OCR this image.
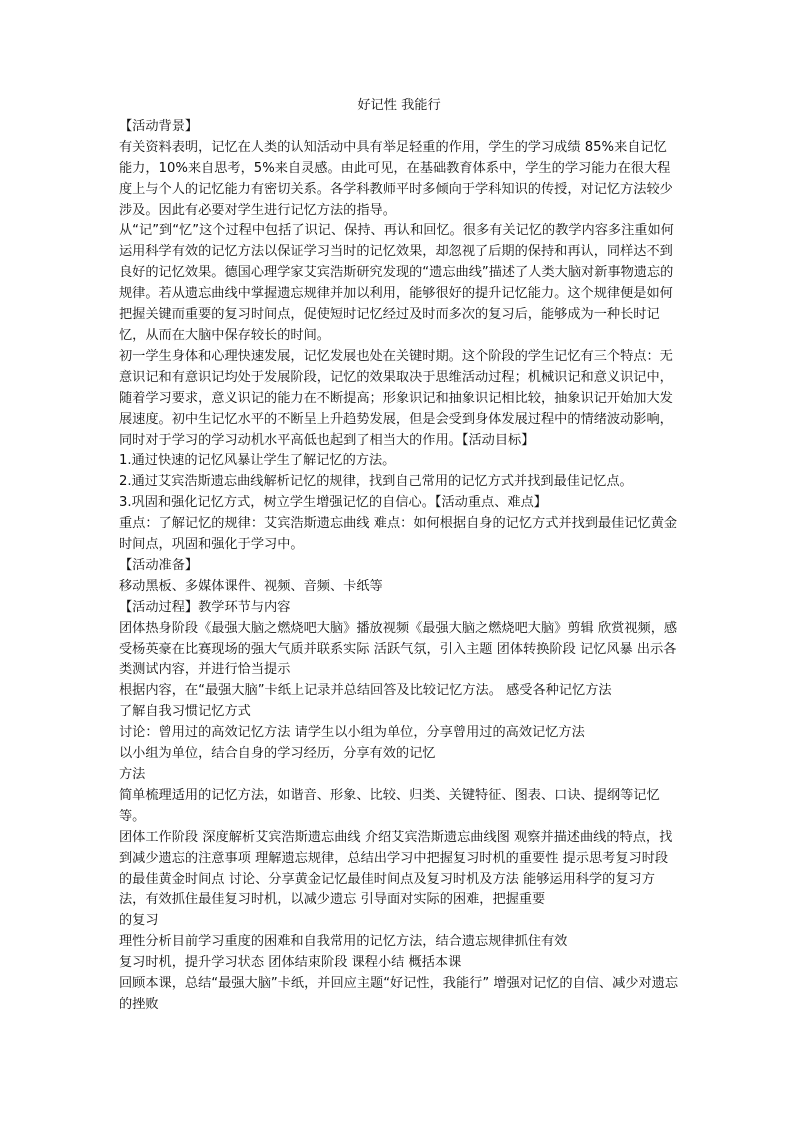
好记性 我能行

【活动背景】

有关资料表明，记忆在人类的认知活动中具有举足轻重的作用，学生的学习成绩 85%来自记忆能力，10%来自思考，5%来自灵感。由此可见，在基础教育体系中，学生的学习能力在很大程度上与个人的记忆能力有密切关系。各学科教师平时多倾向于学科知识的传授，对记忆方法较少涉及。因此有必要对学生进行记忆方法的指导。

从“记”到“忆”这个过程中包括了识记、保持、再认和回忆。很多有关记忆的教学内容多注重如何运用科学有效的记忆方法以保证学习当时的记忆效果，却忽视了后期的保持和再认，同样达不到良好的记忆效果。德国心理学家艾宾浩斯研究发现的“遗忘曲线”描述了人类大脑对新事物遗忘的规律。若从遗忘曲线中掌握遗忘规律并加以利用，能够很好的提升记忆能力。这个规律便是如何把握关键而重要的复习时间点，促使短时记忆经过及时而多次的复习后，能够成为一种长时记忆，从而在大脑中保存较长的时间。

初一学生身体和心理快速发展，记忆发展也处在关键时期。这个阶段的学生记忆有三个特点：无意识记和有意识记均处于发展阶段，记忆的效果取决于思维活动过程；机械识记和意义识记中，随着学习要求，意义识记的能力在不断提高；形象识记和抽象识记相比较，抽象识记开始加大发展速度。初中生记忆水平的不断呈上升趋势发展，但是会受到身体发展过程中的情绪波动影响，同时对于学习的学习动机水平高低也起到了相当大的作用。【活动目标】

1.通过快速的记忆风暴让学生了解记忆的方法。

2.通过艾宾浩斯遗忘曲线解析记忆的规律，找到自己常用的记忆方式并找到最佳记忆点。

3.巩固和强化记忆方式，树立学生增强记忆的自信心。【活动重点、难点】

重点：了解记忆的规律：艾宾浩斯遗忘曲线 难点：如何根据自身的记忆方式并找到最佳记忆黄金时间点，巩固和强化于学习中。

【活动准备】

移动黑板、多媒体课件、视频、音频、卡纸等

【活动过程】教学环节与内容

团体热身阶段《最强大脑之燃烧吧大脑》播放视频《最强大脑之燃烧吧大脑》剪辑 欣赏视频，感受杨英豪在比赛现场的强大气质并联系实际 活跃气氛，引入主题 团体转换阶段 记忆风暴 出示各类测试内容，并进行恰当提示

根据内容，在“最强大脑”卡纸上记录并总结回答及比较记忆方法。 感受各种记忆方法

了解自我习惯记忆方式

讨论：曾用过的高效记忆方法 请学生以小组为单位，分享曾用过的高效记忆方法

以小组为单位，结合自身的学习经历，分享有效的记忆

方法

简单梳理适用的记忆方法，如谐音、形象、比较、归类、关键特征、图表、口诀、提纲等记忆等。

团体工作阶段 深度解析艾宾浩斯遗忘曲线 介绍艾宾浩斯遗忘曲线图 观察并描述曲线的特点，找到减少遗忘的注意事项 理解遗忘规律，总结出学习中把握复习时机的重要性 提示思考复习时段的最佳黄金时间点 讨论、分享黄金记忆最佳时间点及复习时机及方法 能够运用科学的复习方法，有效抓住最佳复习时机，以减少遗忘 引导面对实际的困难，把握重要

的复习

理性分析目前学习重度的困难和自我常用的记忆方法，结合遗忘规律抓住有效

复习时机，提升学习状态 团体结束阶段 课程小结 概括本课

回顾本课，总结“最强大脑”卡纸，并回应主题“好记性，我能行” 增强对记忆的自信、减少对遗忘的挫败
